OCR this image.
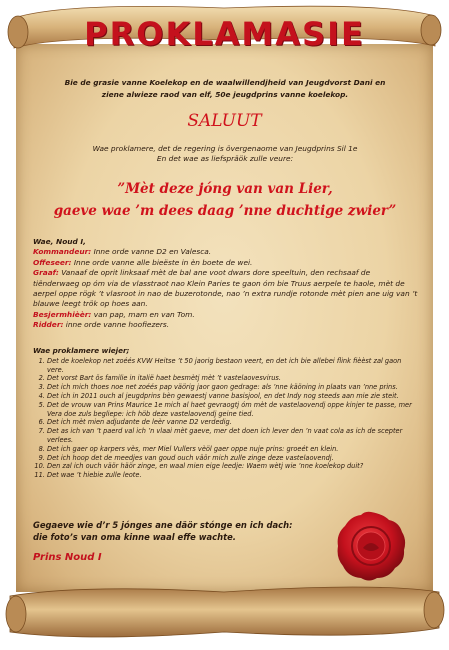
PROKLAMASIE
Bie de grasie vanne Koelekop en de waalwillendjheid van Jeugdvorst Dani en
ziene alwieze raod van elf, 50e jeugdprins vanne koelekop.
SALUUT
Wae proklamere, det de regering is övergenaome van Jeugdprins Sil 1e
En det wae as liefspräök zulle veure:
”Mèt deze jóng van van Lier,
gaeve wae ’m dees daag ’nne duchtige zwier”
Wae, Noud I,
Kommandeur: Inne orde vanne D2 en Valesca.
Offeseer: Inne orde vanne alle bieëste in èn boete de wei.
Graaf: Vanaaf de oprit linksaaf mèt de bal ane voot dwars dore speeltuin, den rechsaaf de tiënderwaeg op óm via de vlasstraot nao Klein Paries te gaon óm bie Truus aerpele te haole, mèt de aerpel oppe rögk ’t vlasroot in nao de buzerotonde, nao ’n extra rundje rotonde mèt pien ane uig van ’t blauwe leegt trök op hoes aan.
Besjermhièèr: van pap, mam en van Tom.
Ridder: inne orde vanne hoofiezers.
Wae proklamere wiejer;
1. Det de koelekop net zoéés KVW Heitse ’t 50 jaorig bestaon veert, en det ich bie allebei flink fièèst zal gaon vere.
2. Det vorst Bart ös familie in italië haet besmètj mèt ’t vastelaovesvirus.
3. Det ich mich thoes noe net zoéés pap väörig jaor gaon gedrage: als ’nne käöning in plaats van ’nne prins.
4. Det ich in 2011 ouch al jeugdprins bèn gewaestj vanne basisjool, en det Indy nog steeds aan mie zie steit.
5. Det de vrouw van Prins Maurice 1e mich al haet gevraogtj óm mèt de vastelaovendj oppe kinjer te passe, mer Vera doe zuls begliepe: ich höb deze vastelaovendj geine tied.
6. Det ich mèt mien adjudante de leèr vanne D2 verdedig.
7. Det as ich van ’t paerd val ich ’n vlaai mèt gaeve, mer det doen ich lever den ’n vaat cola as ich de scepter verlees.
8. Det ich gaer op karpers vès, mer Miel Vullers vèöl gaer oppe nuje prins: groeét en klein.
9. Det ich hoop det de meedjes van goud ouch väör mich zulle zinge deze vastelaovendj.
10. Den zal ich ouch väör häör zinge, en waal mien eige leedje: Waem wètj wie ’nne koelekop duit?
11. Det wae ’t hiebie zulle leote.
Gegaeve wie d’r 5 jónges ane däör stónge en ich dach:
die foto’s van oma kinne waal effe wachte.
Prins Noud I
